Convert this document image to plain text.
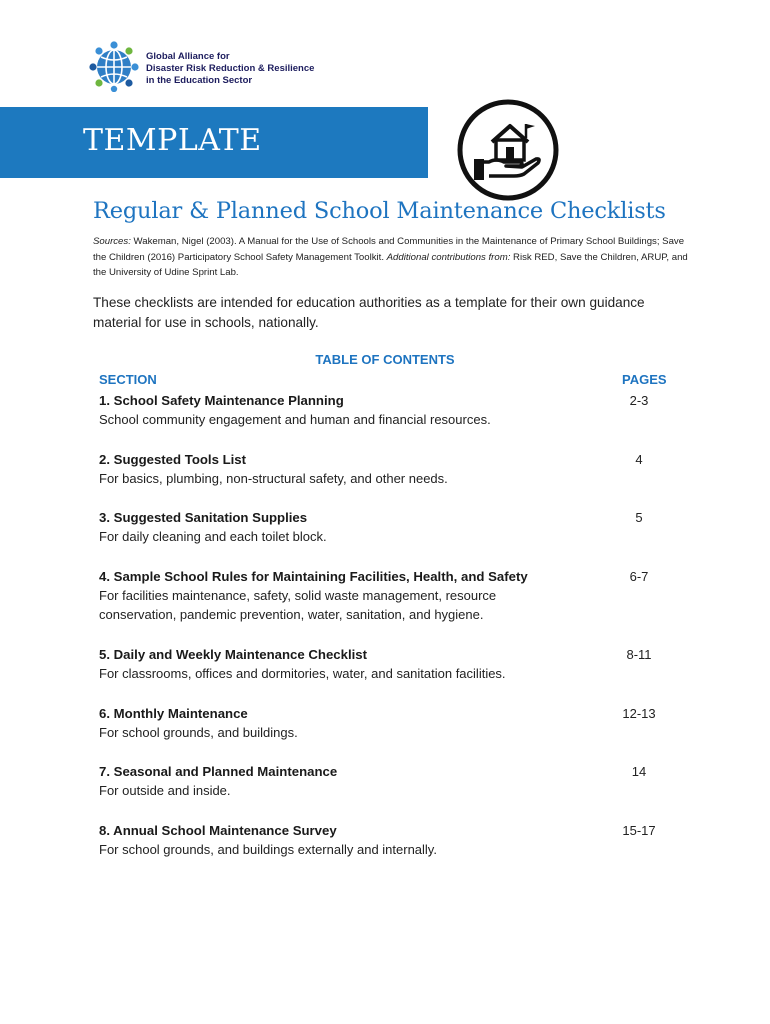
Global Alliance for
Disaster Risk Reduction & Resilience
in the Education Sector
TEMPLATE
Regular & Planned School Maintenance Checklists
Sources: Wakeman, Nigel (2003). A Manual for the Use of Schools and Communities in the Maintenance of Primary School Buildings; Save the Children (2016) Participatory School Safety Management Toolkit. Additional contributions from: Risk RED, Save the Children, ARUP, and the University of Udine Sprint Lab.
These checklists are intended for education authorities as a template for their own guidance material for use in schools, nationally.
TABLE OF CONTENTS
SECTION	PAGES
1. School Safety Maintenance Planning
School community engagement and human and financial resources.
2-3
2. Suggested Tools List
For basics, plumbing, non-structural safety, and other needs.
4
3. Suggested Sanitation Supplies
For daily cleaning and each toilet block.
5
4. Sample School Rules for Maintaining Facilities, Health, and Safety
For facilities maintenance, safety, solid waste management, resource conservation, pandemic prevention, water, sanitation, and hygiene.
6-7
5. Daily and Weekly Maintenance Checklist
For classrooms, offices and dormitories, water, and sanitation facilities.
8-11
6. Monthly Maintenance
For school grounds, and buildings.
12-13
7. Seasonal and Planned Maintenance
For outside and inside.
14
8. Annual School Maintenance Survey
For school grounds, and buildings externally and internally.
15-17
